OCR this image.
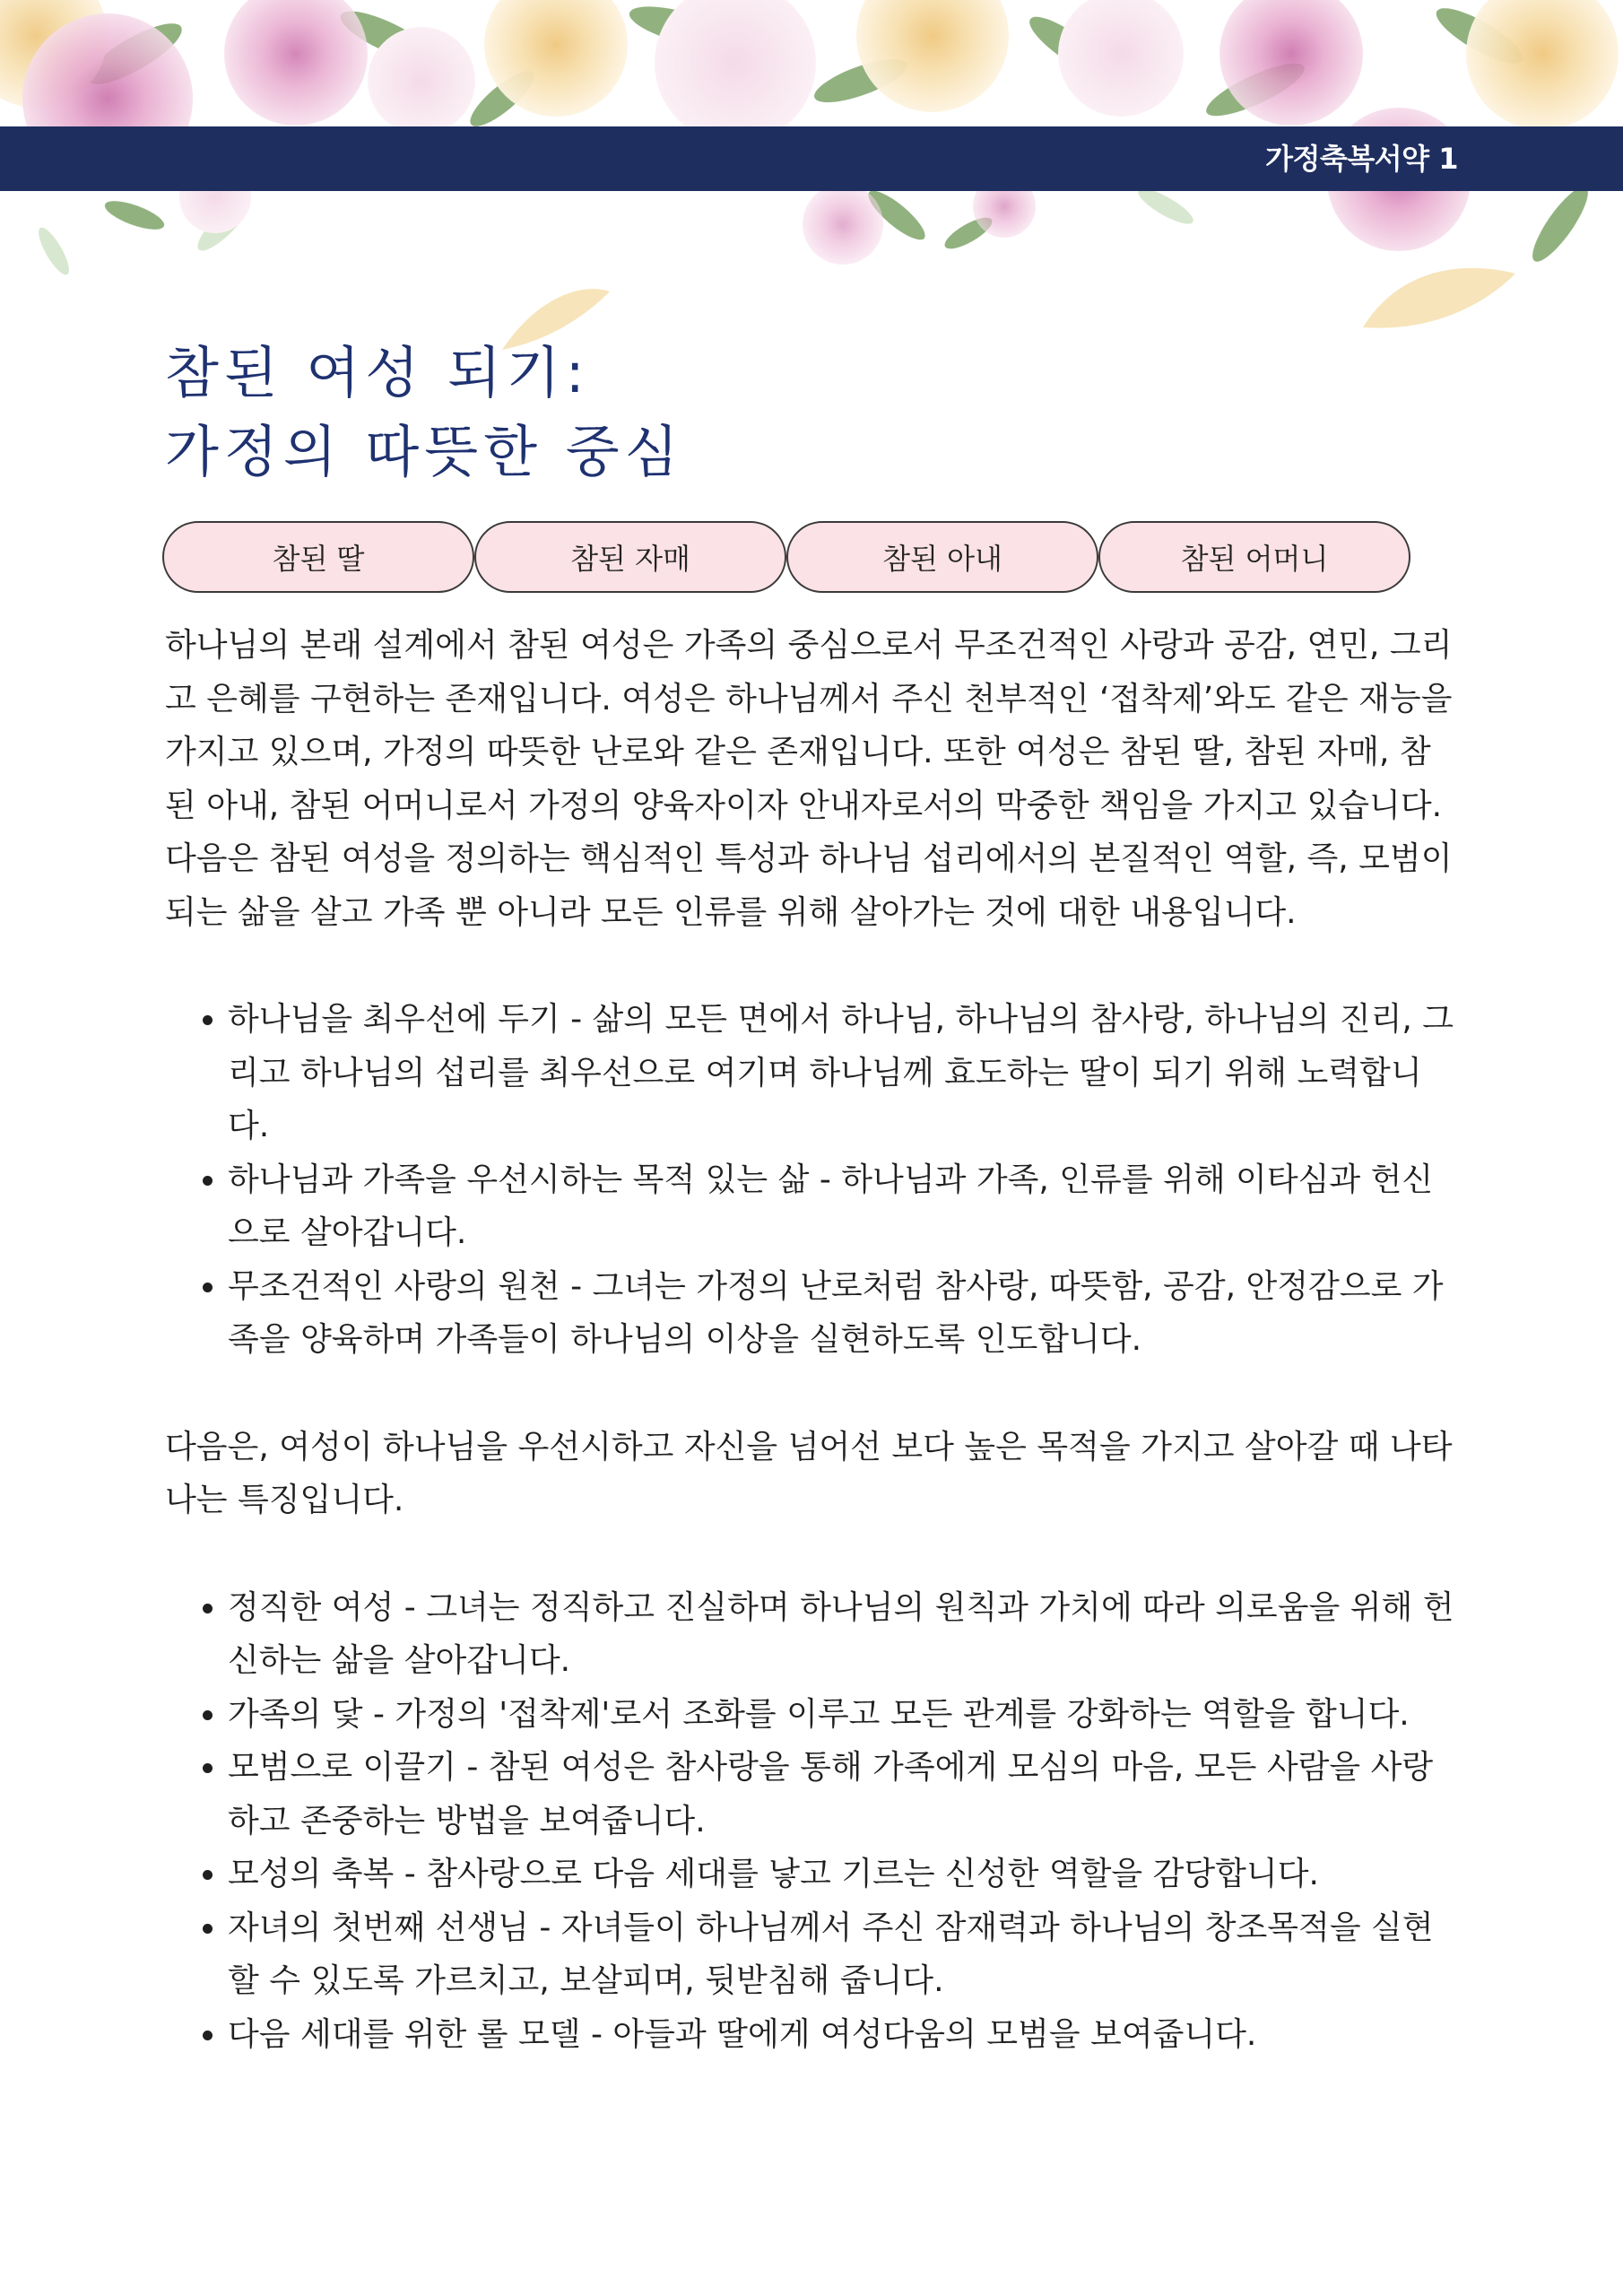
가정축복서약 1
참된 여성 되기:
가정의 따뜻한 중심
참된 딸	참된 자매	참된 아내	참된 어머니

하나님의 본래 설계에서 참된 여성은 가족의 중심으로서 무조건적인 사랑과 공감, 연민, 그리고 은혜를 구현하는 존재입니다. 여성은 하나님께서 주신 천부적인 ‘접착제’와도 같은 재능을 가지고 있으며, 가정의 따뜻한 난로와 같은 존재입니다. 또한 여성은 참된 딸, 참된 자매, 참된 아내, 참된 어머니로서 가정의 양육자이자 안내자로서의 막중한 책임을 가지고 있습니다. 다음은 참된 여성을 정의하는 핵심적인 특성과 하나님 섭리에서의 본질적인 역할, 즉, 모범이 되는 삶을 살고 가족 뿐 아니라 모든 인류를 위해 살아가는 것에 대한 내용입니다.

• 하나님을 최우선에 두기 - 삶의 모든 면에서 하나님, 하나님의 참사랑, 하나님의 진리, 그리고 하나님의 섭리를 최우선으로 여기며 하나님께 효도하는 딸이 되기 위해 노력합니다.
• 하나님과 가족을 우선시하는 목적 있는 삶 - 하나님과 가족, 인류를 위해 이타심과 헌신으로 살아갑니다.
• 무조건적인 사랑의 원천 - 그녀는 가정의 난로처럼 참사랑, 따뜻함, 공감, 안정감으로 가족을 양육하며 가족들이 하나님의 이상을 실현하도록 인도합니다.

다음은, 여성이 하나님을 우선시하고 자신을 넘어선 보다 높은 목적을 가지고 살아갈 때 나타나는 특징입니다.

• 정직한 여성 - 그녀는 정직하고 진실하며 하나님의 원칙과 가치에 따라 의로움을 위해 헌신하는 삶을 살아갑니다.
• 가족의 닻 - 가정의 '접착제'로서 조화를 이루고 모든 관계를 강화하는 역할을 합니다.
• 모범으로 이끌기 - 참된 여성은 참사랑을 통해 가족에게 모심의 마음, 모든 사람을 사랑하고 존중하는 방법을 보여줍니다.
• 모성의 축복 - 참사랑으로 다음 세대를 낳고 기르는 신성한 역할을 감당합니다.
• 자녀의 첫번째 선생님 - 자녀들이 하나님께서 주신 잠재력과 하나님의 창조목적을 실현할 수 있도록 가르치고, 보살피며, 뒷받침해 줍니다.
• 다음 세대를 위한 롤 모델 - 아들과 딸에게 여성다움의 모범을 보여줍니다.
